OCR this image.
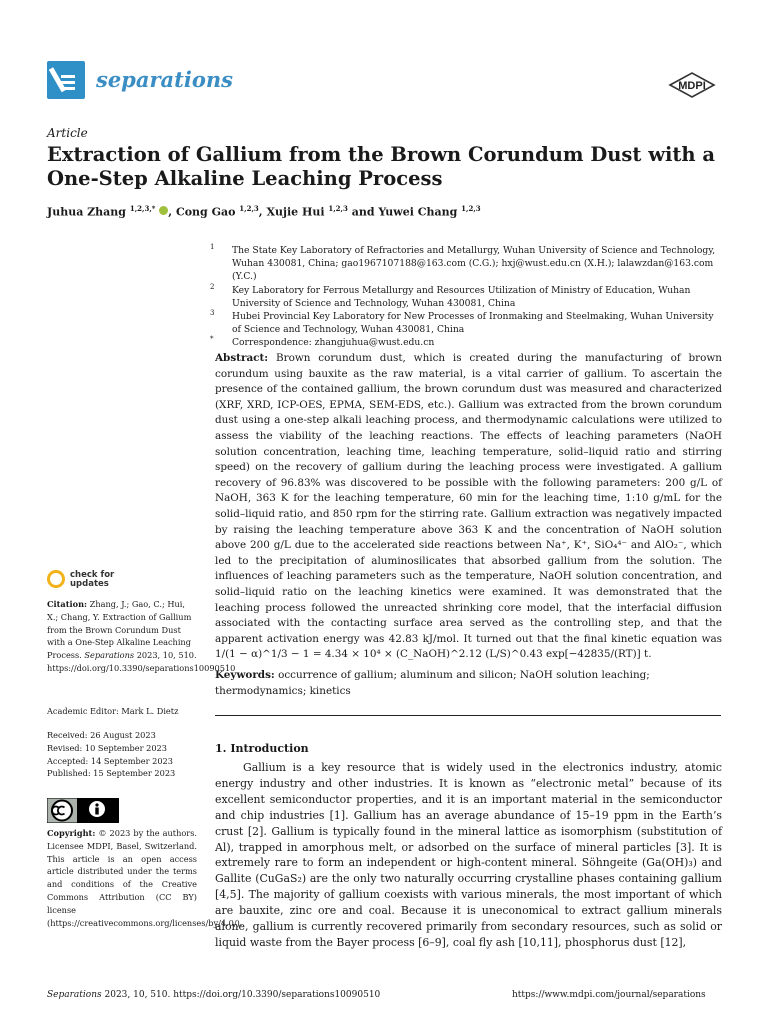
separations	MDPI
Article
Extraction of Gallium from the Brown Corundum Dust with a One-Step Alkaline Leaching Process
Juhua Zhang $^{1,2,3,*}$ , Cong Gao $^{1,2,3}$, Xujie Hui $^{1,2,3}$ and Yuwei Chang $^{1,2,3}$
1 The State Key Laboratory of Refractories and Metallurgy, Wuhan University of Science and Technology, Wuhan 430081, China; gao1967107188@163.com (C.G.); hxj@wust.edu.cn (X.H.); lalawzdan@163.com (Y.C.)
2 Key Laboratory for Ferrous Metallurgy and Resources Utilization of Ministry of Education, Wuhan University of Science and Technology, Wuhan 430081, China
3 Hubei Provincial Key Laboratory for New Processes of Ironmaking and Steelmaking, Wuhan University of Science and Technology, Wuhan 430081, China
* Correspondence: zhangjuhua@wust.edu.cn
Abstract: Brown corundum dust, which is created during the manufacturing of brown corundum using bauxite as the raw material, is a vital carrier of gallium. To ascertain the presence of the contained gallium, the brown corundum dust was measured and characterized (XRF, XRD, ICP-OES, EPMA, SEM-EDS, etc.). Gallium was extracted from the brown corundum dust using a one-step alkali leaching process, and thermodynamic calculations were utilized to assess the viability of the leaching reactions. The effects of leaching parameters (NaOH solution concentration, leaching time, leaching temperature, solid–liquid ratio and stirring speed) on the recovery of gallium during the leaching process were investigated. A gallium recovery of 96.83% was discovered to be possible with the following parameters: 200 g/L of NaOH, 363 K for the leaching temperature, 60 min for the leaching time, 1:10 g/mL for the solid–liquid ratio, and 850 rpm for the stirring rate. Gallium extraction was negatively impacted by raising the leaching temperature above 363 K and the concentration of NaOH solution above 200 g/L due to the accelerated side reactions between Na⁺, K⁺, SiO₄⁴⁻ and AlO₂⁻, which led to the precipitation of aluminosilicates that absorbed gallium from the solution. The influences of leaching parameters such as the temperature, NaOH solution concentration, and solid–liquid ratio on the leaching kinetics were examined. It was demonstrated that the leaching process followed the unreacted shrinking core model, that the interfacial diffusion associated with the contacting surface area served as the controlling step, and that the apparent activation energy was 42.83 kJ/mol. It turned out that the final kinetic equation was 1/(1 − α)^1/3 − 1 = 4.34 × 10⁴ × (C_NaOH)^2.12 (L/S)^0.43 exp[−42835/(RT)] t.
Keywords: occurrence of gallium; aluminum and silicon; NaOH solution leaching; thermodynamics; kinetics
1. Introduction
Gallium is a key resource that is widely used in the electronics industry, atomic energy industry and other industries. It is known as “electronic metal” because of its excellent semiconductor properties, and it is an important material in the semiconductor and chip industries [1]. Gallium has an average abundance of 15–19 ppm in the Earth’s crust [2]. Gallium is typically found in the mineral lattice as isomorphism (substitution of Al), trapped in amorphous melt, or adsorbed on the surface of mineral particles [3]. It is extremely rare to form an independent or high-content mineral. Söhngeite (Ga(OH)₃) and Gallite (CuGaS₂) are the only two naturally occurring crystalline phases containing gallium [4,5]. The majority of gallium coexists with various minerals, the most important of which are bauxite, zinc ore and coal. Because it is uneconomical to extract gallium minerals alone, gallium is currently recovered primarily from secondary resources, such as solid or liquid waste from the Bayer process [6–9], coal fly ash [10,11], phosphorus dust [12],
check for
updates
Citation: Zhang, J.; Gao, C.; Hui, X.; Chang, Y. Extraction of Gallium from the Brown Corundum Dust with a One-Step Alkaline Leaching Process. Separations 2023, 10, 510. https://doi.org/10.3390/separations10090510
Academic Editor: Mark L. Dietz
Received: 26 August 2023
Revised: 10 September 2023
Accepted: 14 September 2023
Published: 15 September 2023
Copyright: © 2023 by the authors. Licensee MDPI, Basel, Switzerland. This article is an open access article distributed under the terms and conditions of the Creative Commons Attribution (CC BY) license (https://creativecommons.org/licenses/by/4.0/).
Separations 2023, 10, 510. https://doi.org/10.3390/separations10090510	https://www.mdpi.com/journal/separations
